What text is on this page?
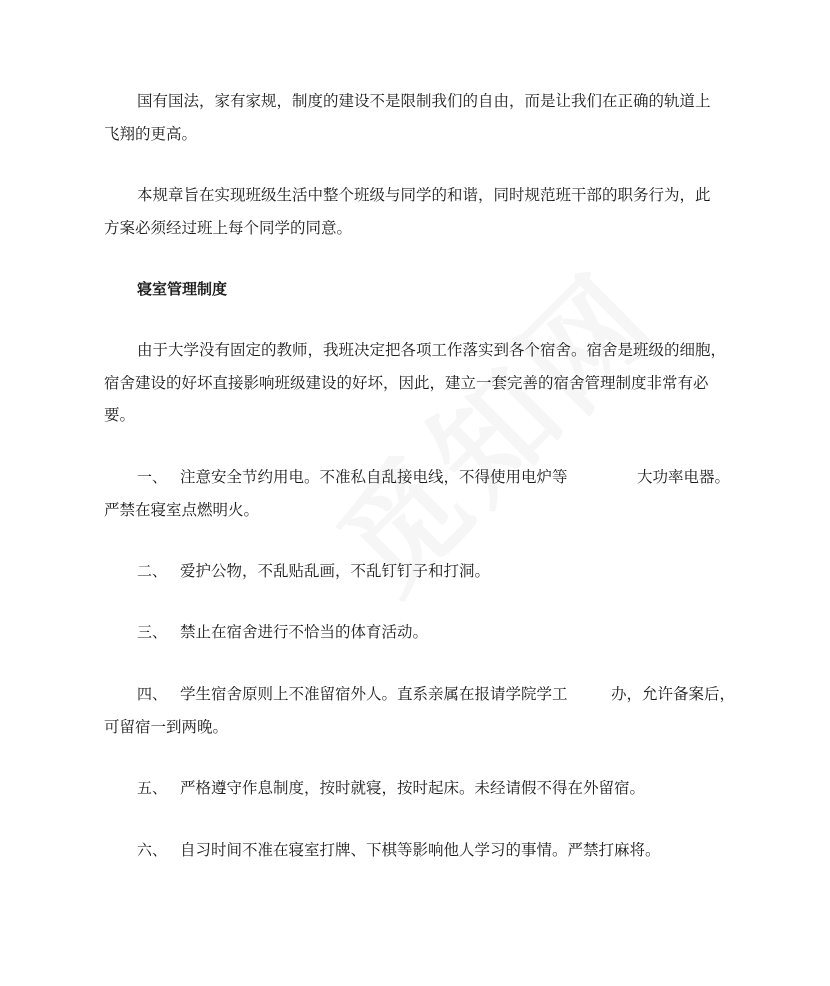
国有国法，家有家规，制度的建设不是限制我们的自由，而是让我们在正确的轨道上
飞翔的更高。
本规章旨在实现班级生活中整个班级与同学的和谐，同时规范班干部的职务行为，此
方案必须经过班上每个同学的同意。
寝室管理制度
由于大学没有固定的教师，我班决定把各项工作落实到各个宿舍。宿舍是班级的细胞，
宿舍建设的好坏直接影响班级建设的好坏，因此，建立一套完善的宿舍管理制度非常有必
要。
一、 注意安全节约用电。不准私自乱接电线，不得使用电炉等	大功率电器。
严禁在寝室点燃明火。
二、 爱护公物，不乱贴乱画，不乱钉钉子和打洞。
三、 禁止在宿舍进行不恰当的体育活动。
四、 学生宿舍原则上不准留宿外人。直系亲属在报请学院学工	办，允许备案后，
可留宿一到两晚。
五、 严格遵守作息制度，按时就寝，按时起床。未经请假不得在外留宿。
六、 自习时间不准在寝室打牌、下棋等影响他人学习的事情。严禁打麻将。
